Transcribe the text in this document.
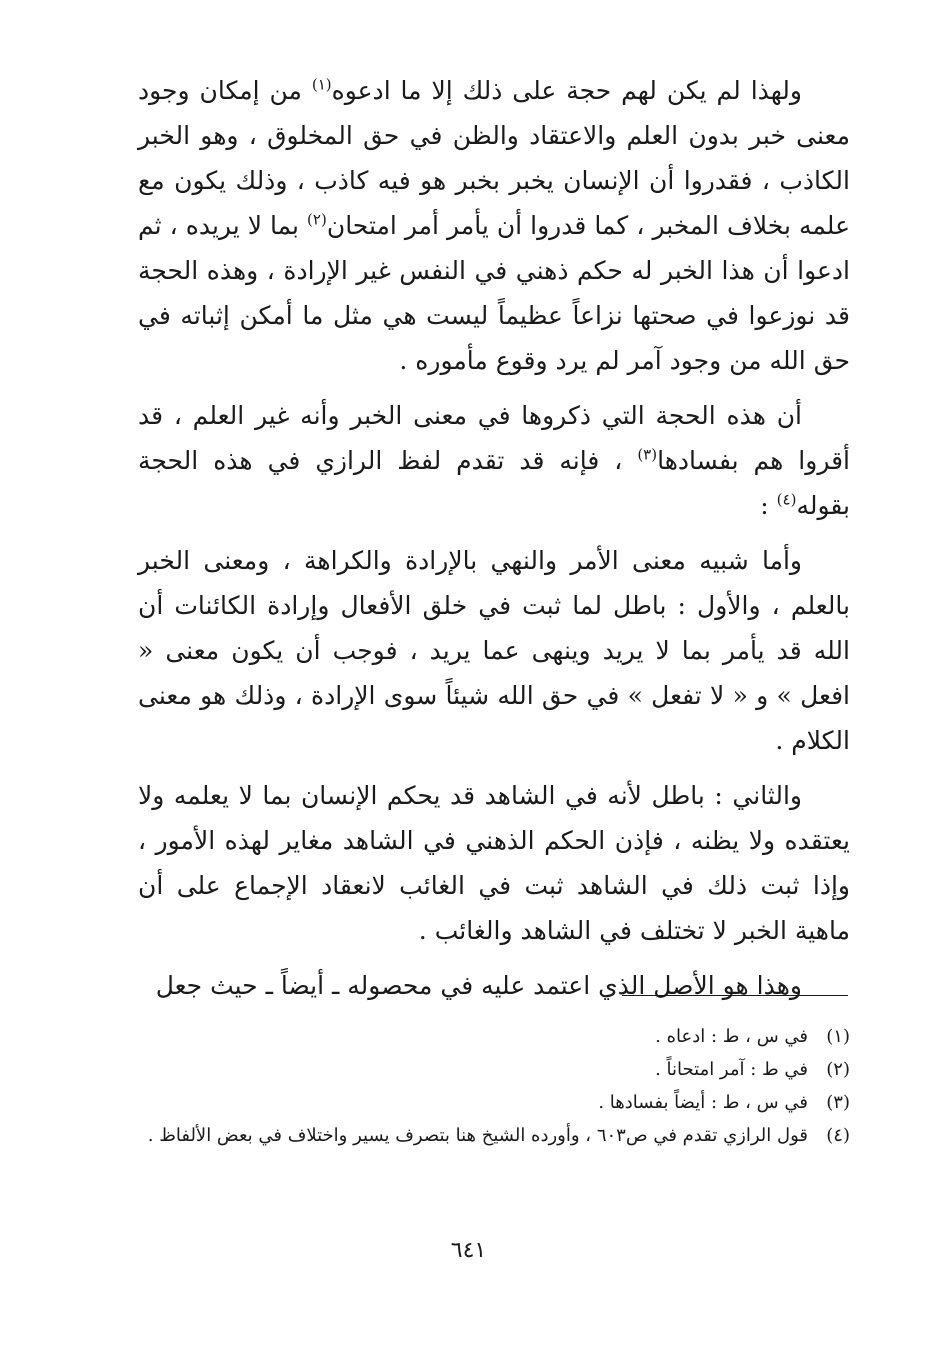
ولهذا لم يكن لهم حجة على ذلك إلا ما ادعوه$^{(١)}$ من إمكان وجود معنى خبر بدون العلم والاعتقاد والظن في حق المخلوق ، وهو الخبر الكاذب ، فقدروا أن الإنسان يخبر بخبر هو فيه كاذب ، وذلك يكون مع علمه بخلاف المخبر ، كما قدروا أن يأمر أمر امتحان$^{(٢)}$ بما لا يريده ، ثم ادعوا أن هذا الخبر له حكم ذهني في النفس غير الإرادة ، وهذه الحجة قد نوزعوا في صحتها نزاعاً عظيماً ليست هي مثل ما أمكن إثباته في حق الله من وجود آمر لم يرد وقوع مأموره .

أن هذه الحجة التي ذكروها في معنى الخبر وأنه غير العلم ، قد أقروا هم بفسادها$^{(٣)}$ ، فإنه قد تقدم لفظ الرازي في هذه الحجة بقوله$^{(٤)}$ :

وأما شبيه معنى الأمر والنهي بالإرادة والكراهة ، ومعنى الخبر بالعلم ، والأول : باطل لما ثبت في خلق الأفعال وإرادة الكائنات أن الله قد يأمر بما لا يريد وينهى عما يريد ، فوجب أن يكون معنى « افعل » و « لا تفعل » في حق الله شيئاً سوى الإرادة ، وذلك هو معنى الكلام .

والثاني : باطل لأنه في الشاهد قد يحكم الإنسان بما لا يعلمه ولا يعتقده ولا يظنه ، فإذن الحكم الذهني في الشاهد مغاير لهذه الأمور ، وإذا ثبت ذلك في الشاهد ثبت في الغائب لانعقاد الإجماع على أن ماهية الخبر لا تختلف في الشاهد والغائب .

وهذا هو الأصل الذي اعتمد عليه في محصوله ـ أيضاً ـ حيث جعل

(١)
في س ، ط : ادعاه .
(٢)
في ط : آمر امتحاناً .
(٣)
في س ، ط : أيضاً بفسادها .
(٤)
قول الرازي تقدم في ص٦٠٣ ، وأورده الشيخ هنا بتصرف يسير واختلاف في بعض الألفاظ .
٦٤١
